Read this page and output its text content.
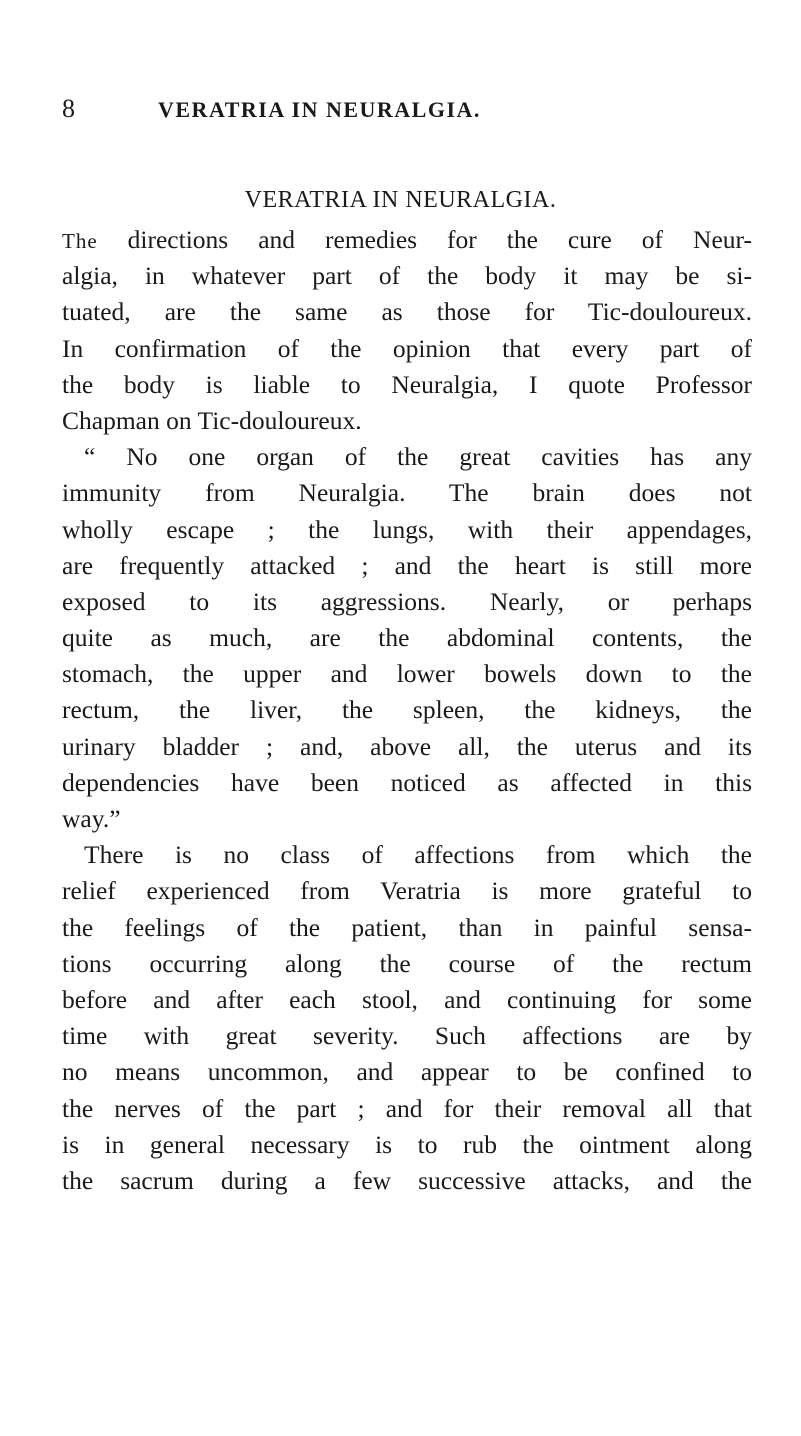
8	VERATRIA IN NEURALGIA.
VERATRIA IN NEURALGIA.
The directions and remedies for the cure of Neur-
algia, in whatever part of the body it may be si-
tuated, are the same as those for Tic-douloureux.
In confirmation of the opinion that every part of
the body is liable to Neuralgia, I quote Professor
Chapman on Tic-douloureux.
“ No one organ of the great cavities has any
immunity from Neuralgia. The brain does not
wholly escape ; the lungs, with their appendages,
are frequently attacked ; and the heart is still more
exposed to its aggressions. Nearly, or perhaps
quite as much, are the abdominal contents, the
stomach, the upper and lower bowels down to the
rectum, the liver, the spleen, the kidneys, the
urinary bladder ; and, above all, the uterus and its
dependencies have been noticed as affected in this
way.”
There is no class of affections from which the
relief experienced from Veratria is more grateful to
the feelings of the patient, than in painful sensa-
tions occurring along the course of the rectum
before and after each stool, and continuing for some
time with great severity. Such affections are by
no means uncommon, and appear to be confined to
the nerves of the part ; and for their removal all that
is in general necessary is to rub the ointment along
the sacrum during a few successive attacks, and the
